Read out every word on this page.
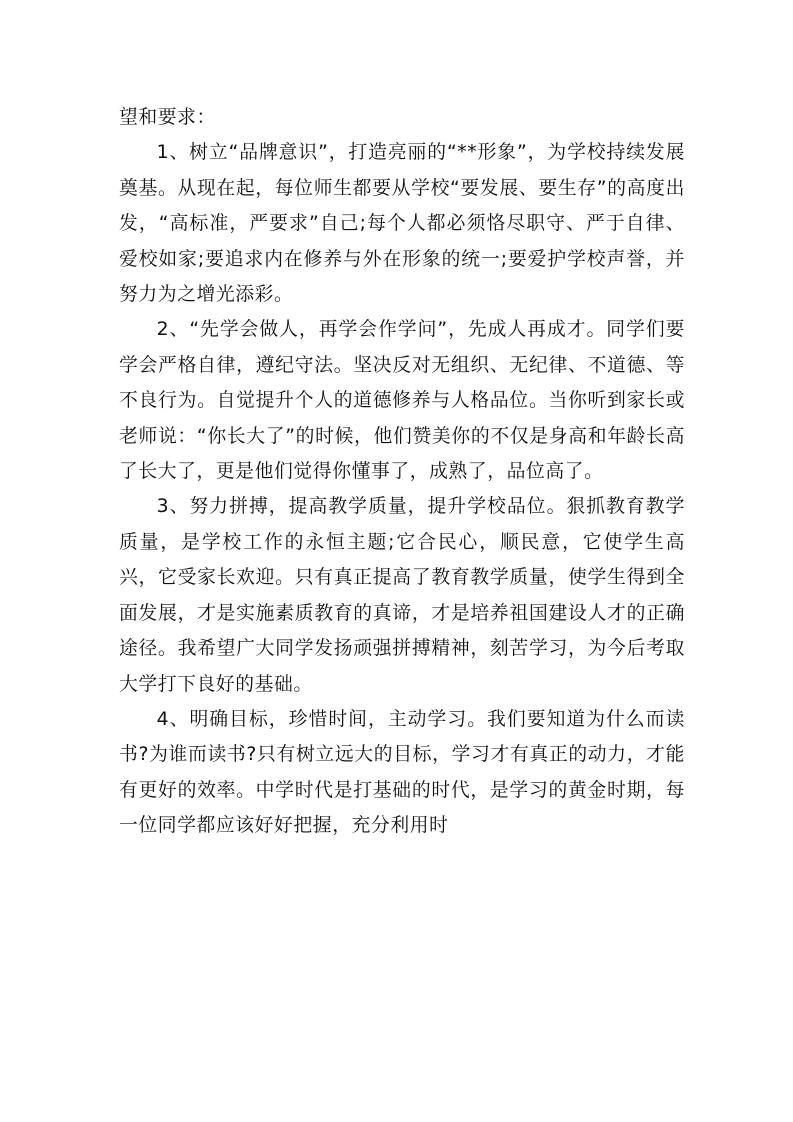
望和要求：

1、树立“品牌意识”，打造亮丽的“**形象”，为学校持续发展奠基。从现在起，每位师生都要从学校“要发展、要生存”的高度出发，“高标准，严要求”自己;每个人都必须恪尽职守、严于自律、爱校如家;要追求内在修养与外在形象的统一;要爱护学校声誉，并努力为之增光添彩。

2、“先学会做人，再学会作学问”，先成人再成才。同学们要学会严格自律，遵纪守法。坚决反对无组织、无纪律、不道德、等不良行为。自觉提升个人的道德修养与人格品位。当你听到家长或老师说：“你长大了”的时候，他们赞美你的不仅是身高和年龄长高了长大了，更是他们觉得你懂事了，成熟了，品位高了。

3、努力拼搏，提高教学质量，提升学校品位。狠抓教育教学质量，是学校工作的永恒主题;它合民心，顺民意，它使学生高兴，它受家长欢迎。只有真正提高了教育教学质量，使学生得到全面发展，才是实施素质教育的真谛，才是培养祖国建设人才的正确途径。我希望广大同学发扬顽强拼搏精神，刻苦学习，为今后考取大学打下良好的基础。

4、明确目标，珍惜时间，主动学习。我们要知道为什么而读书?为谁而读书?只有树立远大的目标，学习才有真正的动力，才能有更好的效率。中学时代是打基础的时代，是学习的黄金时期，每一位同学都应该好好把握，充分利用时
